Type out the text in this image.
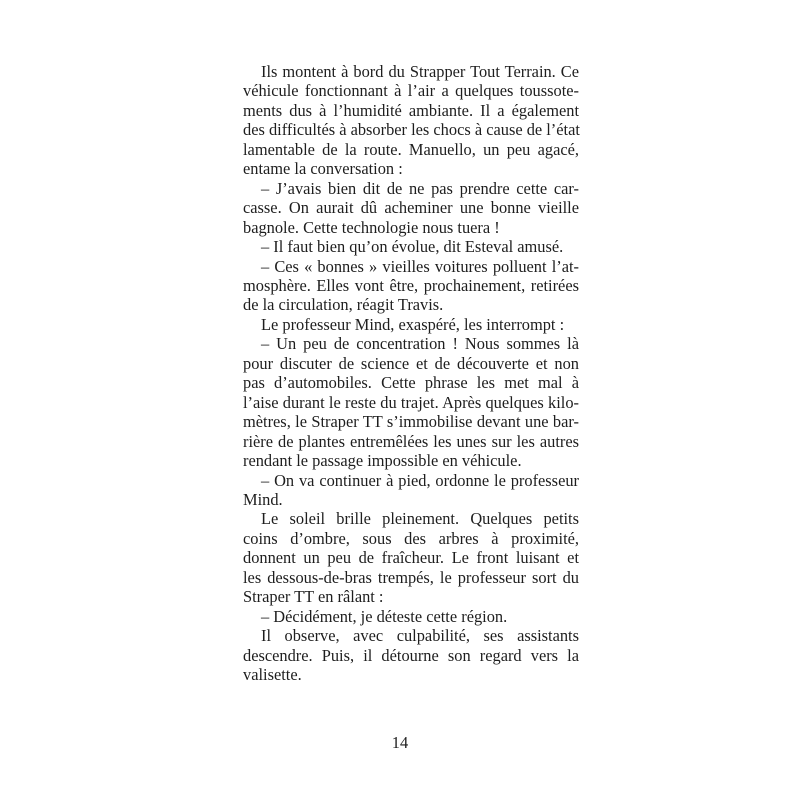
Ils montent à bord du Strapper Tout Terrain. Ce
véhicule fonctionnant à l’air a quelques toussote-
ments dus à l’humidité ambiante. Il a également
des difficultés à absorber les chocs à cause de l’état
lamentable de la route. Manuello, un peu agacé,
entame la conversation :

– J’avais bien dit de ne pas prendre cette car-
casse. On aurait dû acheminer une bonne vieille
bagnole. Cette technologie nous tuera !

– Il faut bien qu’on évolue, dit Esteval amusé.

– Ces « bonnes » vieilles voitures polluent l’at-
mosphère. Elles vont être, prochainement, retirées
de la circulation, réagit Travis.

Le professeur Mind, exaspéré, les interrompt :

– Un peu de concentration ! Nous sommes là
pour discuter de science et de découverte et non
pas d’automobiles. Cette phrase les met mal à
l’aise durant le reste du trajet. Après quelques kilo-
mètres, le Straper TT s’immobilise devant une bar-
rière de plantes entremêlées les unes sur les autres
rendant le passage impossible en véhicule.

– On va continuer à pied, ordonne le professeur
Mind.

Le soleil brille pleinement. Quelques petits
coins d’ombre, sous des arbres à proximité,
donnent un peu de fraîcheur. Le front luisant et
les dessous-de-bras trempés, le professeur sort du
Straper TT en râlant :

– Décidément, je déteste cette région.

Il observe, avec culpabilité, ses assistants
descendre. Puis, il détourne son regard vers la
valisette.

14
